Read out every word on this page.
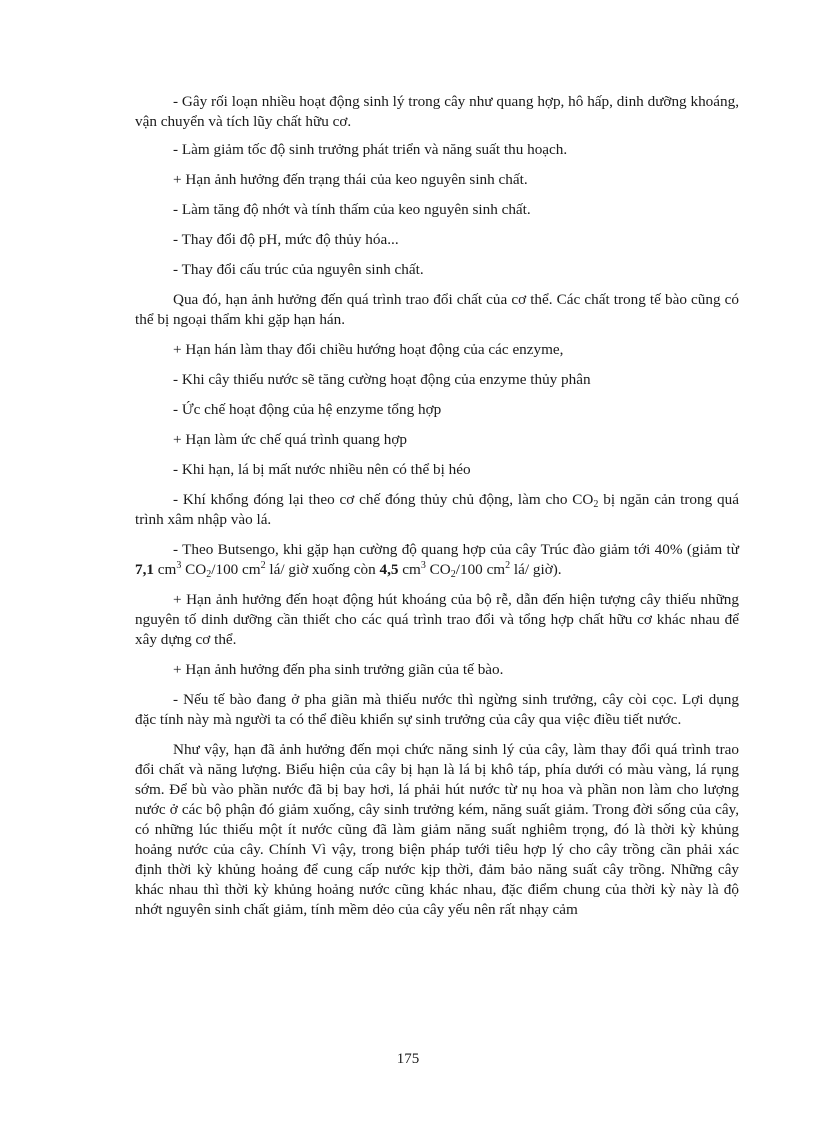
- Gây rối loạn nhiều hoạt động sinh lý trong cây như quang hợp, hô hấp, dinh dưỡng khoáng, vận chuyển và tích lũy chất hữu cơ.

- Làm giảm tốc độ sinh trưởng phát triển và năng suất thu hoạch.

+ Hạn ảnh hưởng đến trạng thái của keo nguyên sinh chất.

- Làm tăng độ nhớt và tính thấm của keo nguyên sinh chất.

- Thay đổi độ pH, mức độ thủy hóa...

- Thay đổi cấu trúc của nguyên sinh chất.

Qua đó, hạn ảnh hưởng đến quá trình trao đổi chất của cơ thể. Các chất trong tế bào cũng có thể bị ngoại thẩm khi gặp hạn hán.

+ Hạn hán làm thay đổi chiều hướng hoạt động của các enzyme,

- Khi cây thiếu nước sẽ tăng cường hoạt động của enzyme thủy phân

- Ức chế hoạt động của hệ enzyme tổng hợp

+ Hạn làm ức chế quá trình quang hợp

- Khi hạn, lá bị mất nước nhiều nên có thể bị héo

- Khí khổng đóng lại theo cơ chế đóng thủy chủ động, làm cho $CO_2$ bị ngăn cản trong quá trình xâm nhập vào lá.

- Theo Butsengo, khi gặp hạn cường độ quang hợp của cây Trúc đào giảm tới 40% (giảm từ 7,1 $cm^3$ $CO_2/100$ $cm^2$ lá/ giờ xuống còn 4,5 $cm^3$ $CO_2/100$ $cm^2$ lá/ giờ).

+ Hạn ảnh hưởng đến hoạt động hút khoáng của bộ rễ, dẫn đến hiện tượng cây thiếu những nguyên tố dinh dưỡng cần thiết cho các quá trình trao đổi và tổng hợp chất hữu cơ khác nhau để xây dựng cơ thể.

+ Hạn ảnh hưởng đến pha sinh trưởng giãn của tế bào.

- Nếu tế bào đang ở pha giãn mà thiếu nước thì ngừng sinh trưởng, cây còi cọc. Lợi dụng đặc tính này mà người ta có thể điều khiển sự sinh trưởng của cây qua việc điều tiết nước.

Như vậy, hạn đã ảnh hưởng đến mọi chức năng sinh lý của cây, làm thay đổi quá trình trao đổi chất và năng lượng. Biểu hiện của cây bị hạn là lá bị khô táp, phía dưới có màu vàng, lá rụng sớm. Để bù vào phần nước đã bị bay hơi, lá phải hút nước từ nụ hoa và phần non làm cho lượng nước ở các bộ phận đó giảm xuống, cây sinh trưởng kém, năng suất giảm. Trong đời sống của cây, có những lúc thiếu một ít nước cũng đã làm giảm năng suất nghiêm trọng, đó là thời kỳ khủng hoảng nước của cây. Chính Vì vậy, trong biện pháp tưới tiêu hợp lý cho cây trồng cần phải xác định thời kỳ khủng hoảng để cung cấp nước kịp thời, đảm bảo năng suất cây trồng. Những cây khác nhau thì thời kỳ khủng hoảng nước cũng khác nhau, đặc điểm chung của thời kỳ này là độ nhớt nguyên sinh chất giảm, tính mềm dẻo của cây yếu nên rất nhạy cảm

175
